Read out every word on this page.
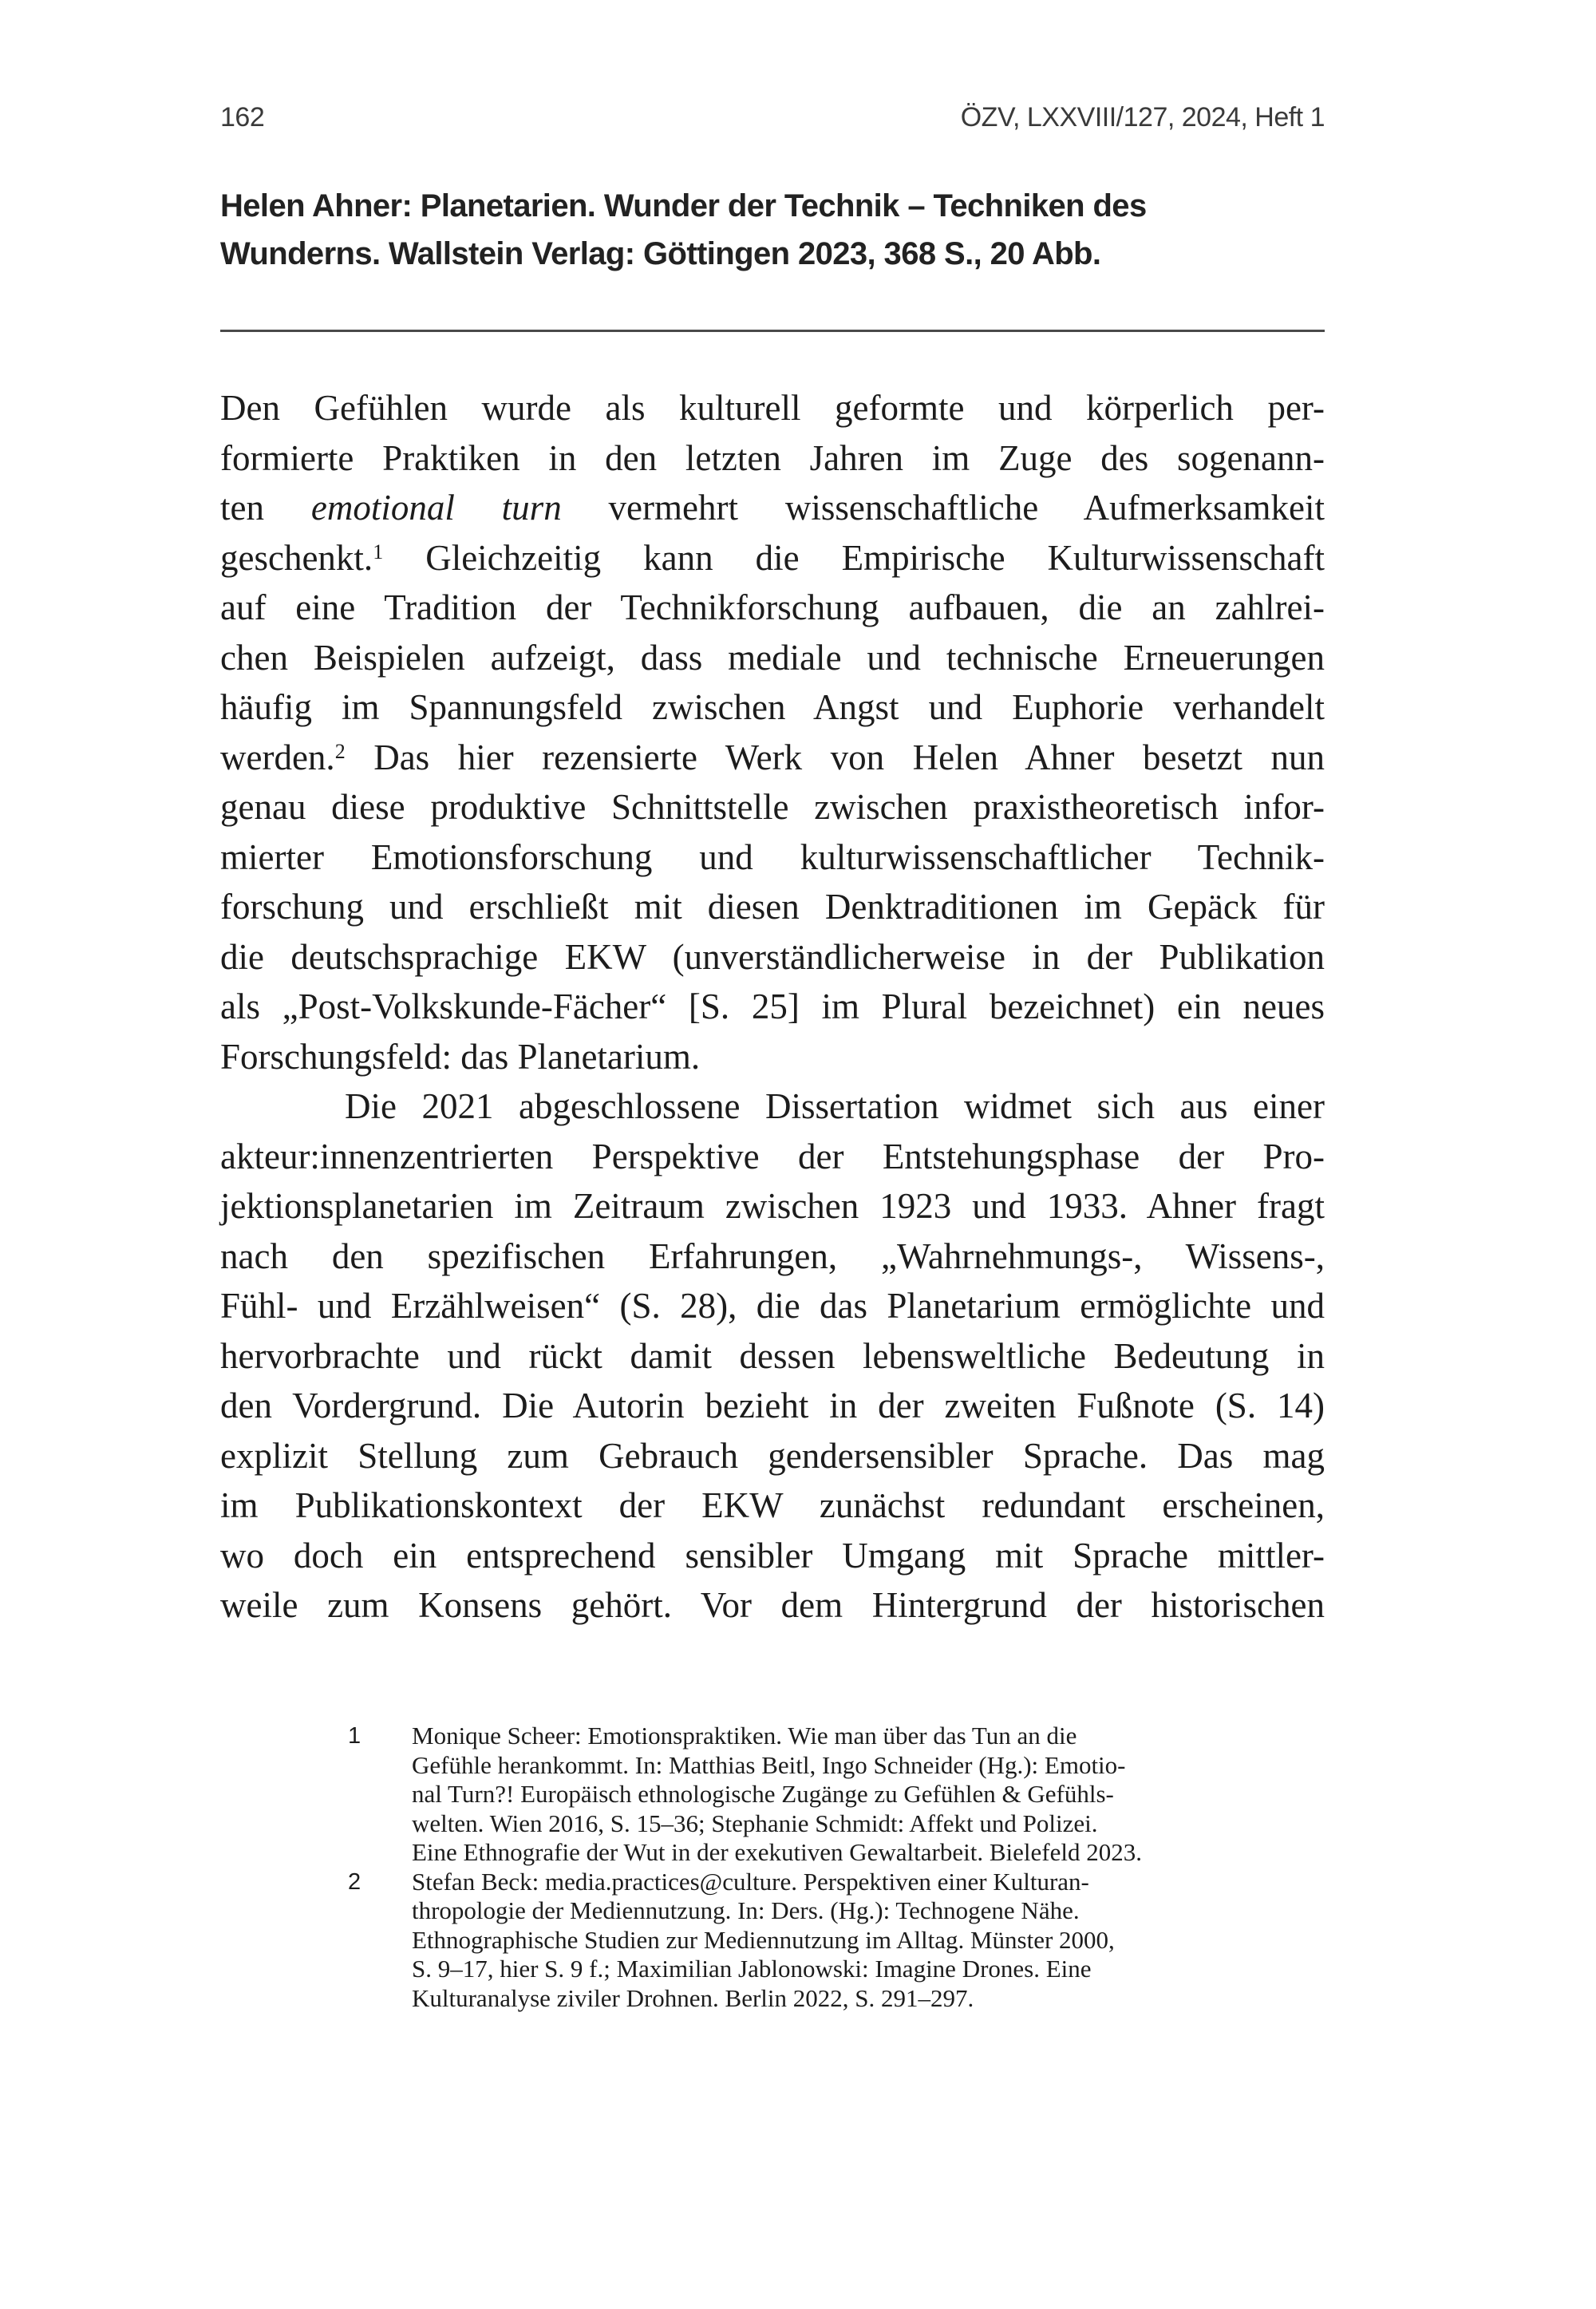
162	ÖZV, LXXVIII/127, 2024, Heft 1
Helen Ahner: Planetarien. Wunder der Technik – Techniken des
Wunderns. Wallstein Verlag: Göttingen 2023, 368 S., 20 Abb.

Den Gefühlen wurde als kulturell geformte und körperlich per-
formierte Praktiken in den letzten Jahren im Zuge des sogenann-
ten emotional turn vermehrt wissenschaftliche Aufmerksamkeit
geschenkt.$^1$ Gleichzeitig kann die Empirische Kulturwissenschaft
auf eine Tradition der Technikforschung aufbauen, die an zahlrei-
chen Beispielen aufzeigt, dass mediale und technische Erneuerungen
häufig im Spannungsfeld zwischen Angst und Euphorie verhandelt
werden.$^2$ Das hier rezensierte Werk von Helen Ahner besetzt nun
genau diese produktive Schnittstelle zwischen praxistheoretisch infor-
mierter Emotionsforschung und kulturwissenschaftlicher Technik-
forschung und erschließt mit diesen Denktraditionen im Gepäck für
die deutschsprachige EKW (unverständlicherweise in der Publikation
als „Post-Volkskunde-Fächer“ [S. 25] im Plural bezeichnet) ein neues
Forschungsfeld: das Planetarium.

Die 2021 abgeschlossene Dissertation widmet sich aus einer
akteur:innenzentrierten Perspektive der Entstehungsphase der Pro-
jektionsplanetarien im Zeitraum zwischen 1923 und 1933. Ahner fragt
nach den spezifischen Erfahrungen, „Wahrnehmungs-, Wissens-,
Fühl- und Erzählweisen“ (S. 28), die das Planetarium ermöglichte und
hervorbrachte und rückt damit dessen lebensweltliche Bedeutung in
den Vordergrund. Die Autorin bezieht in der zweiten Fußnote (S. 14)
explizit Stellung zum Gebrauch gendersensibler Sprache. Das mag
im Publikationskontext der EKW zunächst redundant erscheinen,
wo doch ein entsprechend sensibler Umgang mit Sprache mittler-
weile zum Konsens gehört. Vor dem Hintergrund der historischen

1 Monique Scheer: Emotionspraktiken. Wie man über das Tun an die
Gefühle herankommt. In: Matthias Beitl, Ingo Schneider (Hg.): Emotio-
nal Turn?! Europäisch ethnologische Zugänge zu Gefühlen & Gefühls-
welten. Wien 2016, S. 15–36; Stephanie Schmidt: Affekt und Polizei.
Eine Ethnografie der Wut in der exekutiven Gewaltarbeit. Bielefeld 2023.
2 Stefan Beck: media.practices@culture. Perspektiven einer Kulturan-
thropologie der Mediennutzung. In: Ders. (Hg.): Technogene Nähe.
Ethnographische Studien zur Mediennutzung im Alltag. Münster 2000,
S. 9–17, hier S. 9 f.; Maximilian Jablonowski: Imagine Drones. Eine
Kulturanalyse ziviler Drohnen. Berlin 2022, S. 291–297.
